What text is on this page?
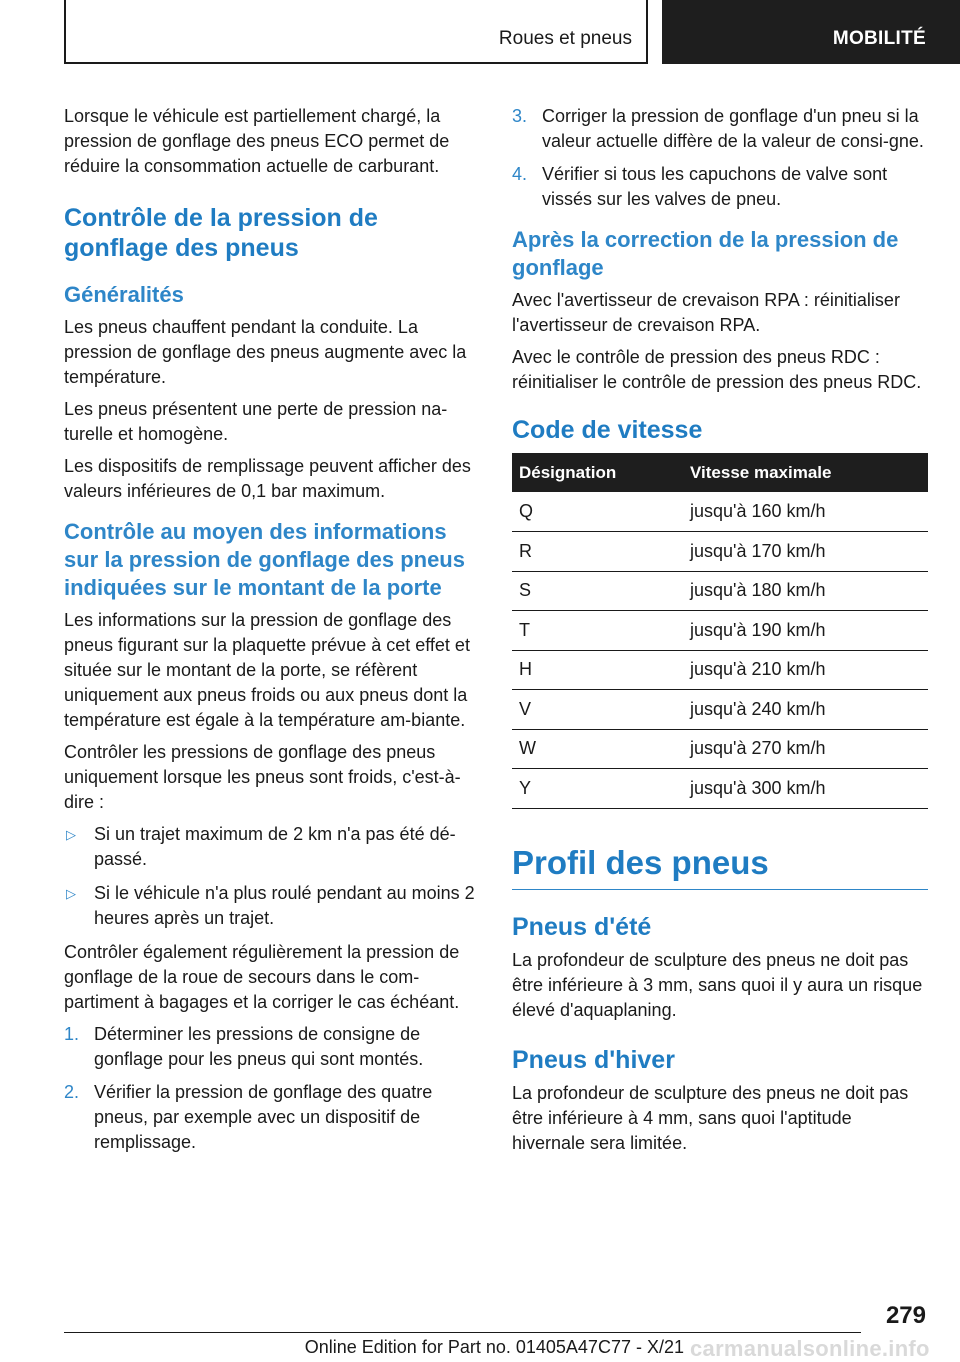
Roues et pneus	MOBILITÉ

Lorsque le véhicule est partiellement chargé, la pression de gonflage des pneus ECO permet de réduire la consommation actuelle de carburant.

Contrôle de la pression de gonflage des pneus
Généralités

Les pneus chauffent pendant la conduite. La pression de gonflage des pneus augmente avec la température.

Les pneus présentent une perte de pression na-turelle et homogène.

Les dispositifs de remplissage peuvent afficher des valeurs inférieures de 0,1 bar maximum.

Contrôle au moyen des informations sur la pression de gonflage des pneus indiquées sur le montant de la porte

Les informations sur la pression de gonflage des pneus figurant sur la plaquette prévue à cet effet et située sur le montant de la porte, se réfèrent uniquement aux pneus froids ou aux pneus dont la température est égale à la température am-biante.

Contrôler les pressions de gonflage des pneus uniquement lorsque les pneus sont froids, c'est-à-dire :

▷ Si un trajet maximum de 2 km n'a pas été dé-passé.
▷ Si le véhicule n'a plus roulé pendant au moins 2 heures après un trajet.

Contrôler également régulièrement la pression de gonflage de la roue de secours dans le com-partiment à bagages et la corriger le cas échéant.

1. Déterminer les pressions de consigne de gonflage pour les pneus qui sont montés.
2. Vérifier la pression de gonflage des quatre pneus, par exemple avec un dispositif de remplissage.
3. Corriger la pression de gonflage d'un pneu si la valeur actuelle diffère de la valeur de consi-gne.
4. Vérifier si tous les capuchons de valve sont vissés sur les valves de pneu.
Après la correction de la pression de gonflage

Avec l'avertisseur de crevaison RPA : réinitialiser l'avertisseur de crevaison RPA.

Avec le contrôle de pression des pneus RDC : réinitialiser le contrôle de pression des pneus RDC.

Code de vitesse
Désignation	Vitesse maximale
Q	jusqu'à 160 km/h
R	jusqu'à 170 km/h
S	jusqu'à 180 km/h
T	jusqu'à 190 km/h
H	jusqu'à 210 km/h
V	jusqu'à 240 km/h
W	jusqu'à 270 km/h
Y	jusqu'à 300 km/h
Profil des pneus
Pneus d'été

La profondeur de sculpture des pneus ne doit pas être inférieure à 3 mm, sans quoi il y aura un risque élevé d'aquaplaning.

Pneus d'hiver

La profondeur de sculpture des pneus ne doit pas être inférieure à 4 mm, sans quoi l'aptitude hivernale sera limitée.

279
Online Edition for Part no. 01405A47C77 - X/21 carmanualsonline.info
